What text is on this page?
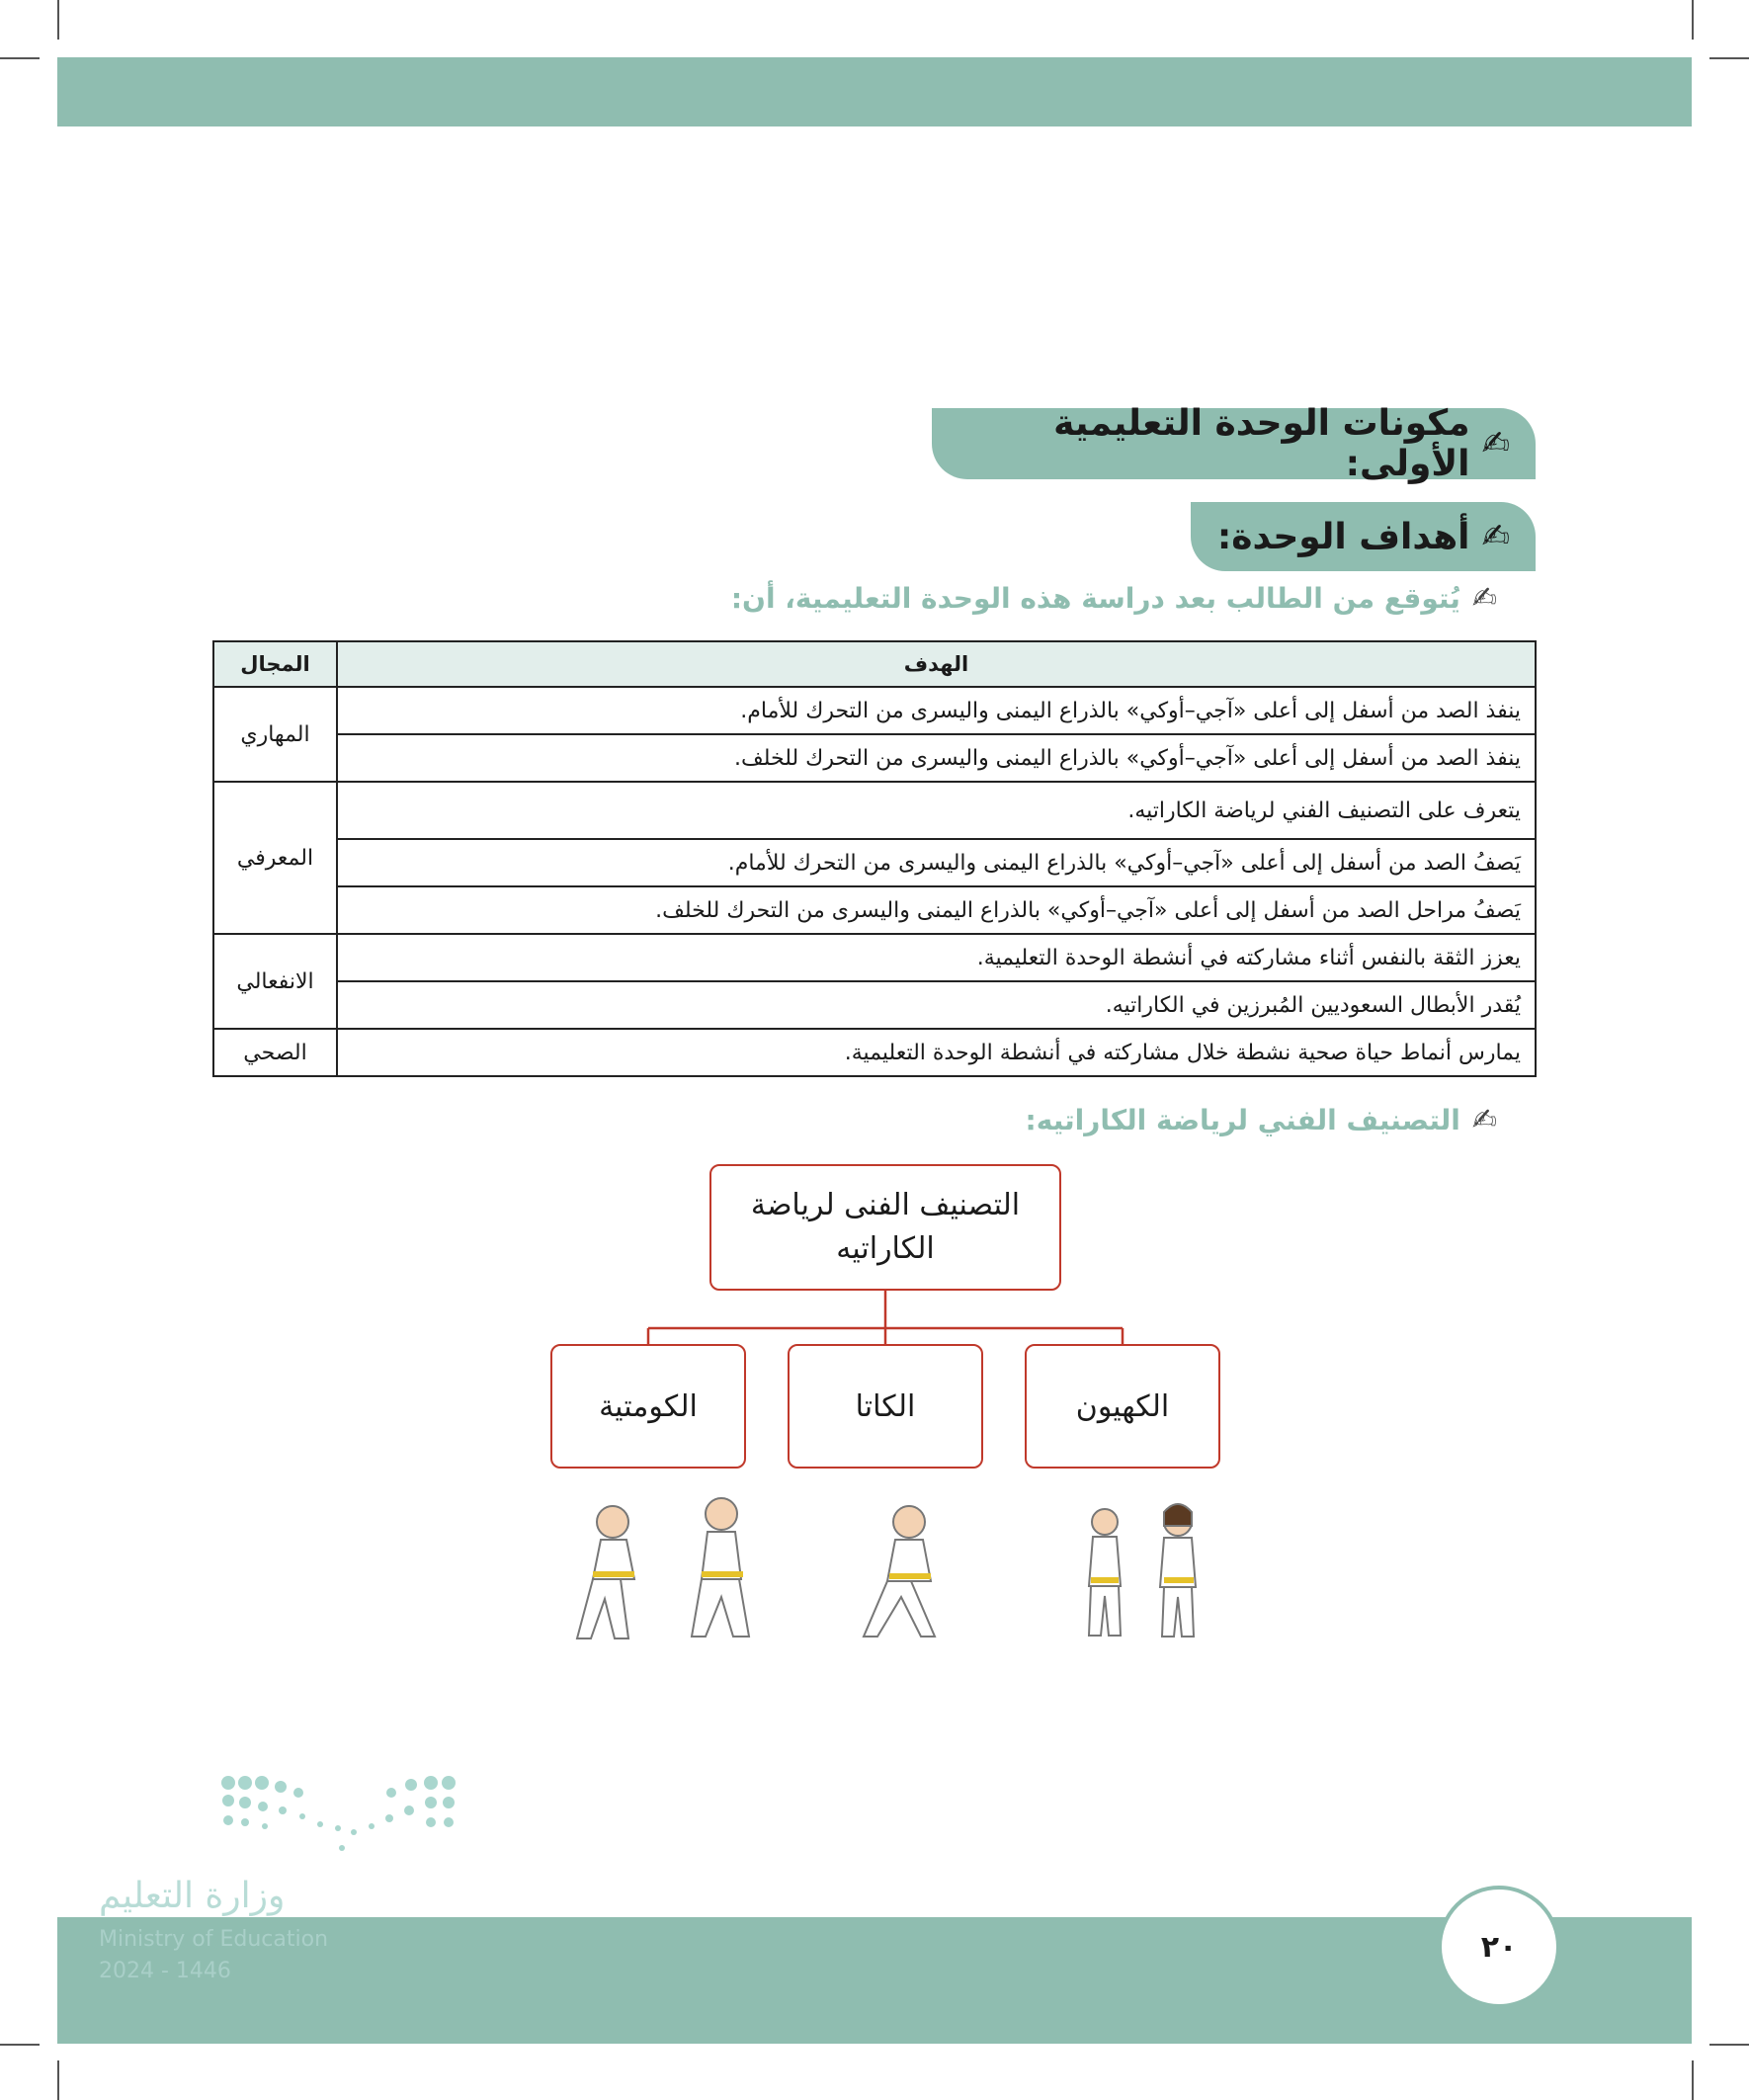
✍
مكونات الوحدة التعليمية الأولى:
✍
أهداف الوحدة:
✍
يُتوقع من الطالب بعد دراسة هذه الوحدة التعليمية، أن:
الهدف	المجال
ينفذ الصد من أسفل إلى أعلى «آجي–أوكي» بالذراع اليمنى واليسرى من التحرك للأمام.	المهاري
ينفذ الصد من أسفل إلى أعلى «آجي–أوكي» بالذراع اليمنى واليسرى من التحرك للخلف.	
يتعرف على التصنيف الفني لرياضة الكاراتيه.	المعرفي
يَصفُ الصد من أسفل إلى أعلى «آجي–أوكي» بالذراع اليمنى واليسرى من التحرك للأمام.	
يَصفُ مراحل الصد من أسفل إلى أعلى «آجي–أوكي» بالذراع اليمنى واليسرى من التحرك للخلف.	
يعزز الثقة بالنفس أثناء مشاركته في أنشطة الوحدة التعليمية.	الانفعالي
يُقدر الأبطال السعوديين المُبرزين في الكاراتيه.	
يمارس أنماط حياة صحية نشطة خلال مشاركته في أنشطة الوحدة التعليمية.	الصحي
✍
التصنيف الفني لرياضة الكاراتيه:
التصنيف الفنى لرياضة الكاراتيه
الكهيون
الكاتا
الكومتية
وزارة التعليم
Ministry of Education
2024 - 1446
٢٠
